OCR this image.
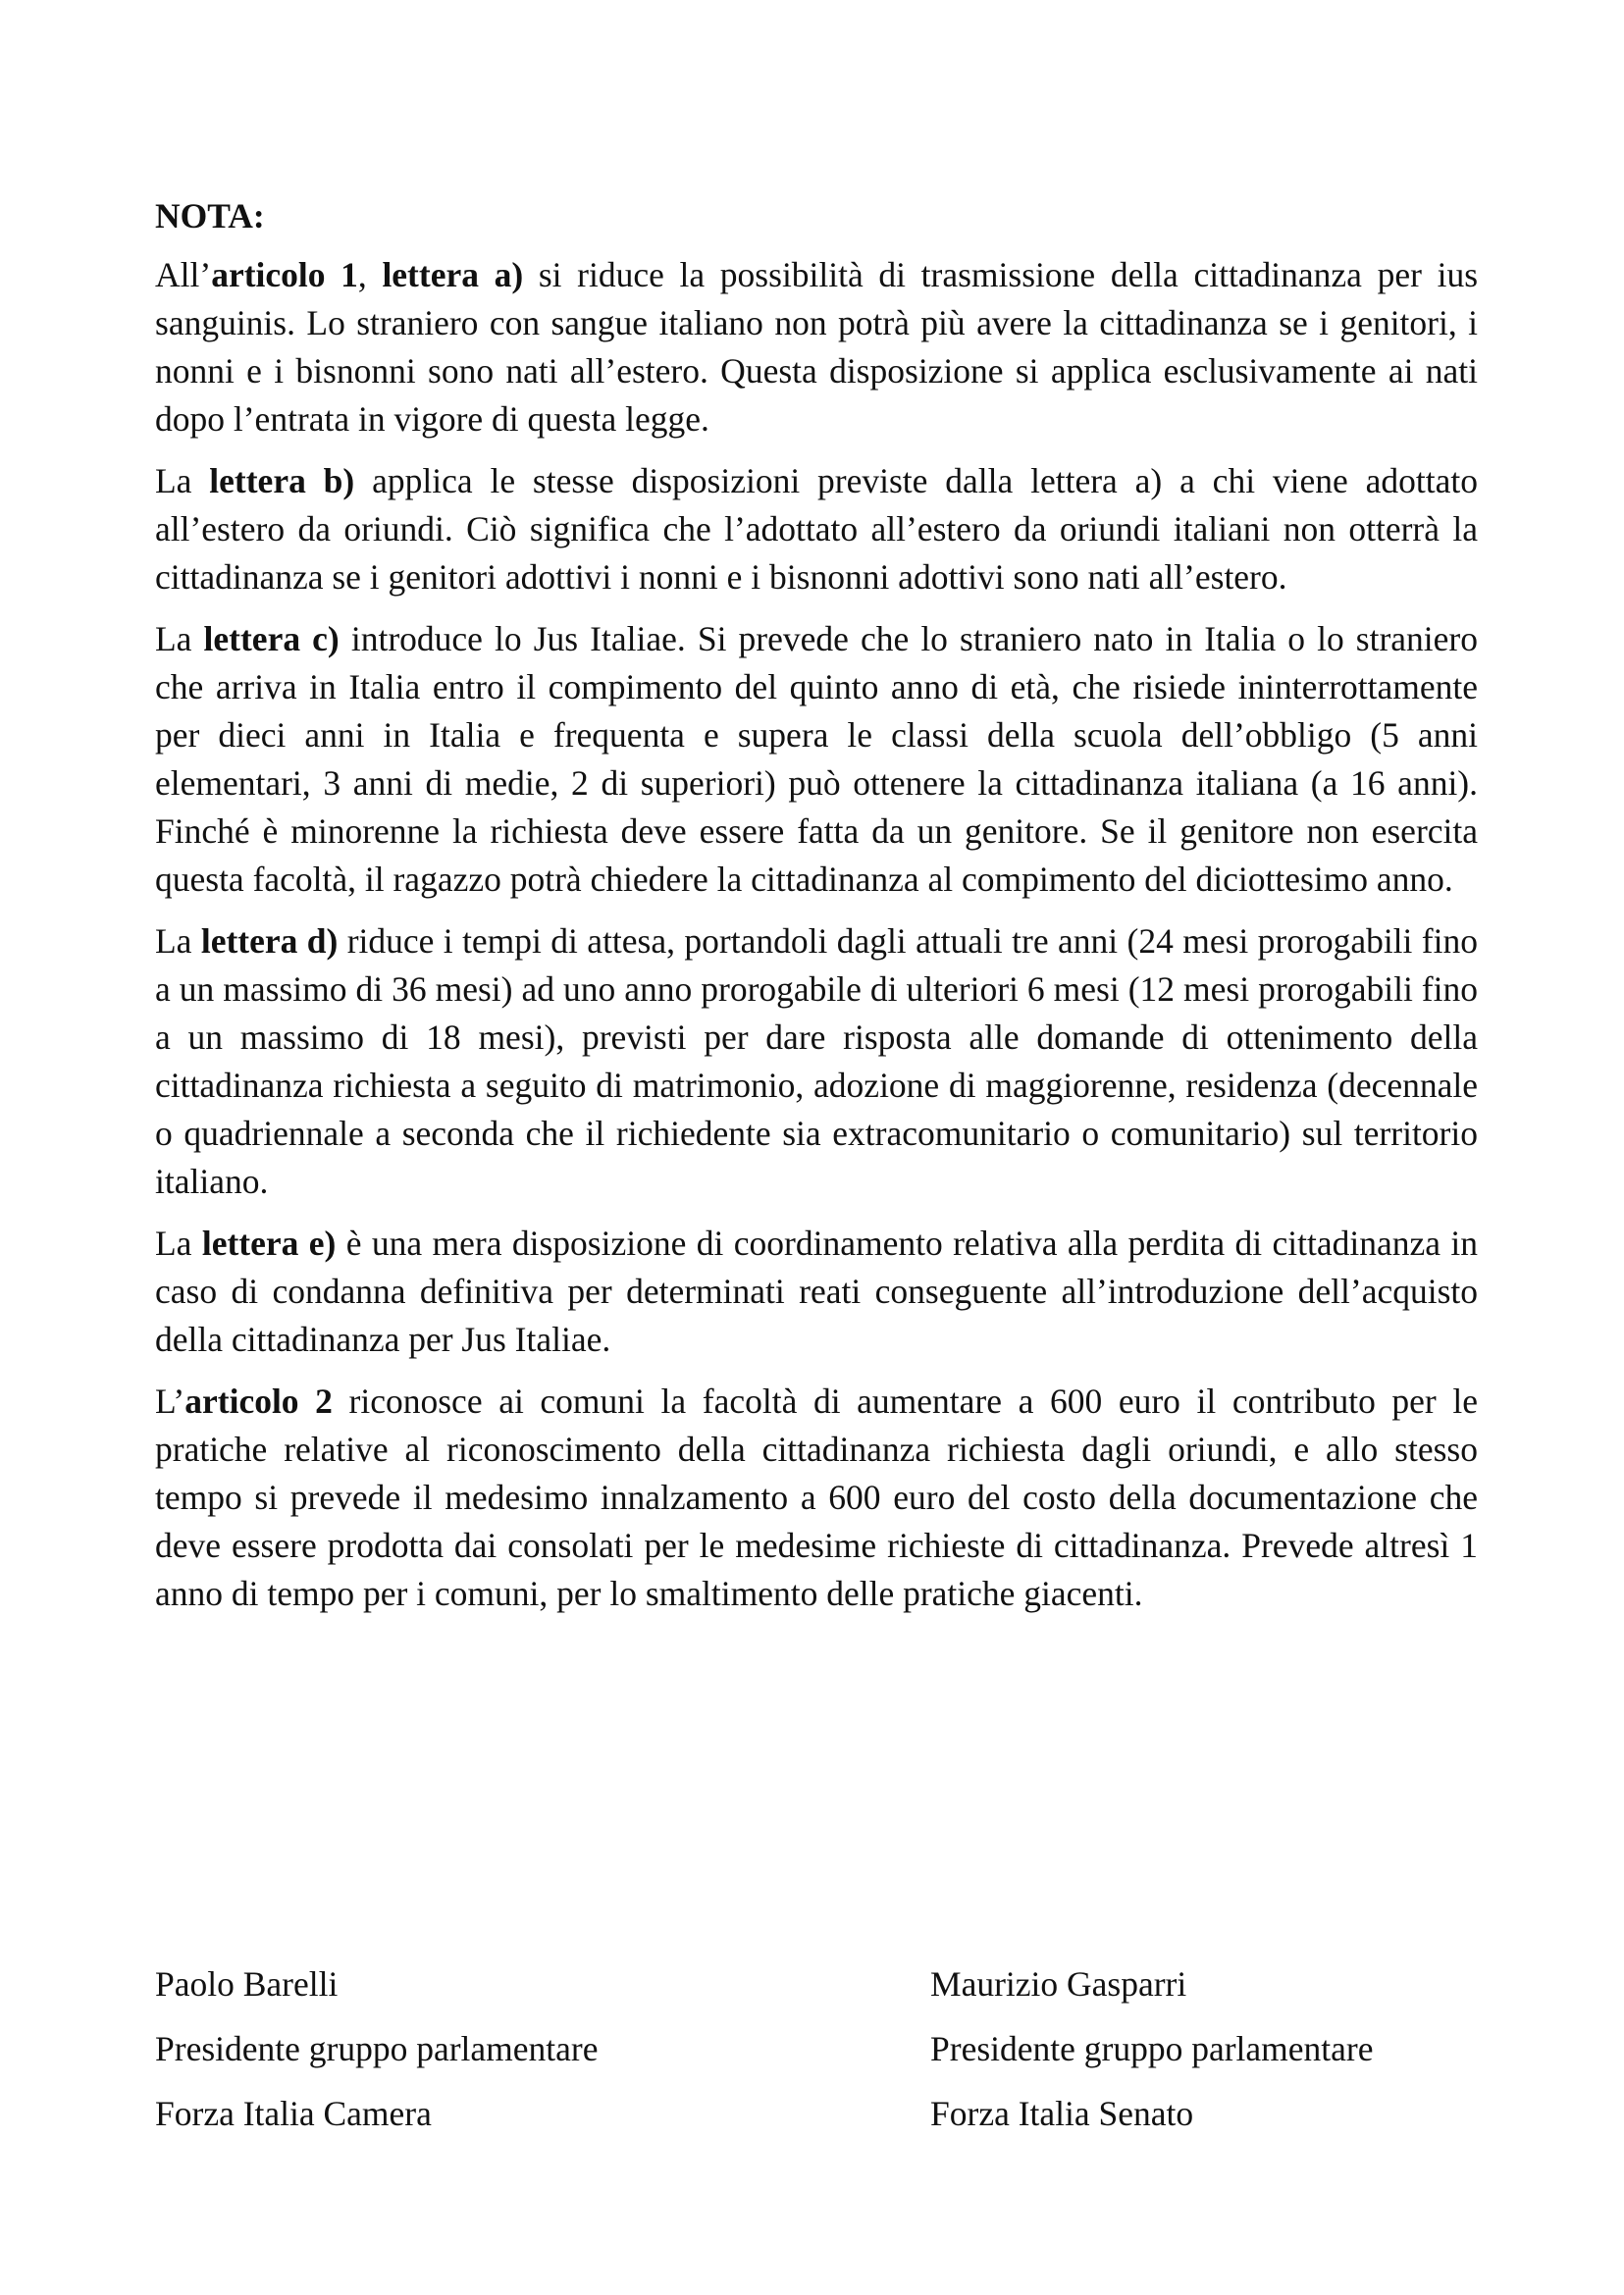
NOTA:

All’articolo 1, lettera a) si riduce la possibilità di trasmissione della cittadinanza per ius sanguinis. Lo straniero con sangue italiano non potrà più avere la cittadinanza se i genitori, i nonni e i bisnonni sono nati all’estero. Questa disposizione si applica esclusivamente ai nati dopo l’entrata in vigore di questa legge.

La lettera b) applica le stesse disposizioni previste dalla lettera a) a chi viene adottato all’estero da oriundi. Ciò significa che l’adottato all’estero da oriundi italiani non otterrà la cittadinanza se i genitori adottivi i nonni e i bisnonni adottivi sono nati all’estero.

La lettera c) introduce lo Jus Italiae. Si prevede che lo straniero nato in Italia o lo straniero che arriva in Italia entro il compimento del quinto anno di età, che risiede ininterrottamente per dieci anni in Italia e frequenta e supera le classi della scuola dell’obbligo (5 anni elementari, 3 anni di medie, 2 di superiori) può ottenere la cittadinanza italiana (a 16 anni). Finché è minorenne la richiesta deve essere fatta da un genitore. Se il genitore non esercita questa facoltà, il ragazzo potrà chiedere la cittadinanza al compimento del diciottesimo anno.

La lettera d) riduce i tempi di attesa, portandoli dagli attuali tre anni (24 mesi prorogabili fino a un massimo di 36 mesi) ad uno anno prorogabile di ulteriori 6 mesi (12 mesi prorogabili fino a un massimo di 18 mesi), previsti per dare risposta alle domande di ottenimento della cittadinanza richiesta a seguito di matrimonio, adozione di maggiorenne, residenza (decennale o quadriennale a seconda che il richiedente sia extracomunitario o comunitario) sul territorio italiano.

La lettera e) è una mera disposizione di coordinamento relativa alla perdita di cittadinanza in caso di condanna definitiva per determinati reati conseguente all’introduzione dell’acquisto della cittadinanza per Jus Italiae.

L’articolo 2 riconosce ai comuni la facoltà di aumentare a 600 euro il contributo per le pratiche relative al riconoscimento della cittadinanza richiesta dagli oriundi, e allo stesso tempo si prevede il medesimo innalzamento a 600 euro del costo della documentazione che deve essere prodotta dai consolati per le medesime richieste di cittadinanza. Prevede altresì 1 anno di tempo per i comuni, per lo smaltimento delle pratiche giacenti.

Paolo Barelli
Presidente gruppo parlamentare
Forza Italia Camera
Maurizio Gasparri
Presidente gruppo parlamentare
Forza Italia Senato
